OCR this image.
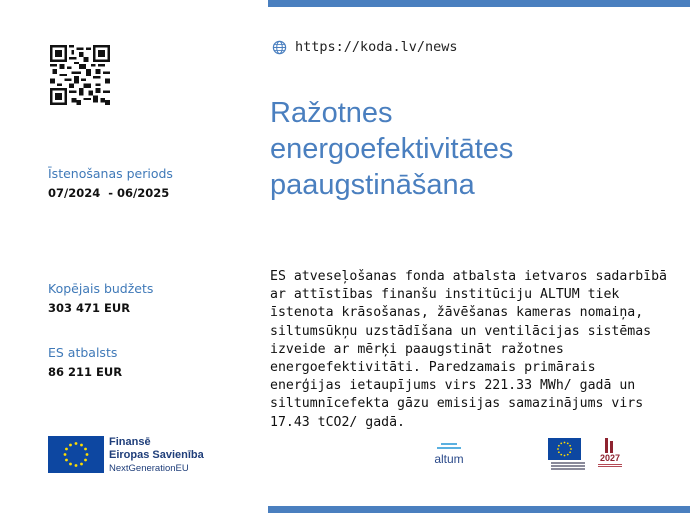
Īstenošanas periods
07/2024  - 06/2025
Kopējais budžets
303 471 EUR
ES atbalsts
86 211 EUR
https://koda.lv/news
Ražotnes
energoefektivitātes
paaugstināšana
ES atveseļošanas fonda atbalsta ietvaros sadarbībā
ar attīstības finanšu institūciju ALTUM tiek
īstenota krāsošanas, žāvēšanas kameras nomaiņa,
siltumsūkņu uzstādīšana un ventilācijas sistēmas
izveide ar mērķi paaugstināt ražotnes
energoefektivitāti. Paredzamais primārais
enerģijas ietaupījums virs 221.33 MWh/ gadā un
siltumnīcefekta gāzu emisijas samazinājums virs
17.43 tCO2/ gadā.
Finansē
Eiropas Savienība
NextGenerationEU
altum	2027
